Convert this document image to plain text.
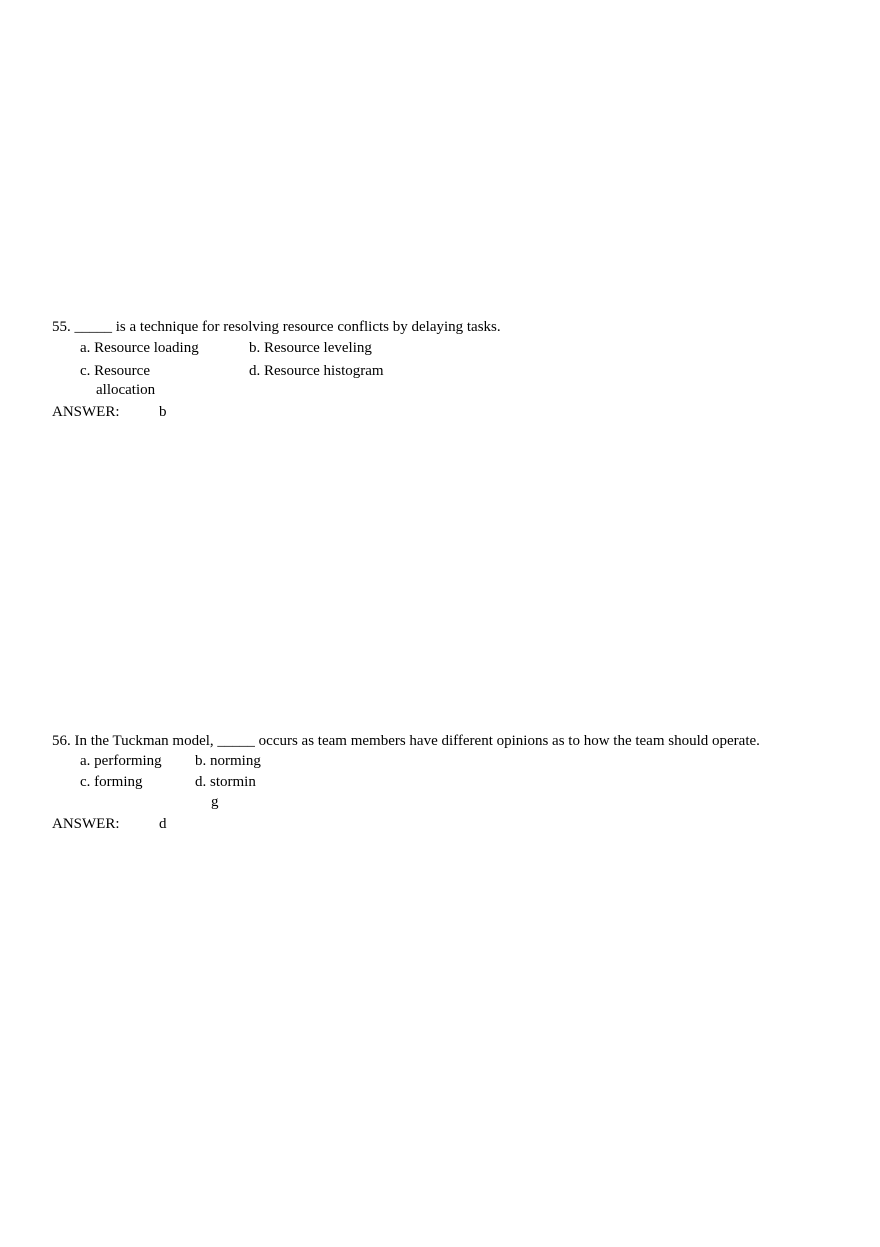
55. _____ is a technique for resolving resource conflicts by delaying tasks.
a. Resource loading	b. Resource leveling
c. Resource
allocation
d. Resource histogram
ANSWER:	b
56. In the Tuckman model, _____ occurs as team members have different opinions as to how the team should operate.
a. performing b. norming
c. forming	d. stormin
g
ANSWER:	d
